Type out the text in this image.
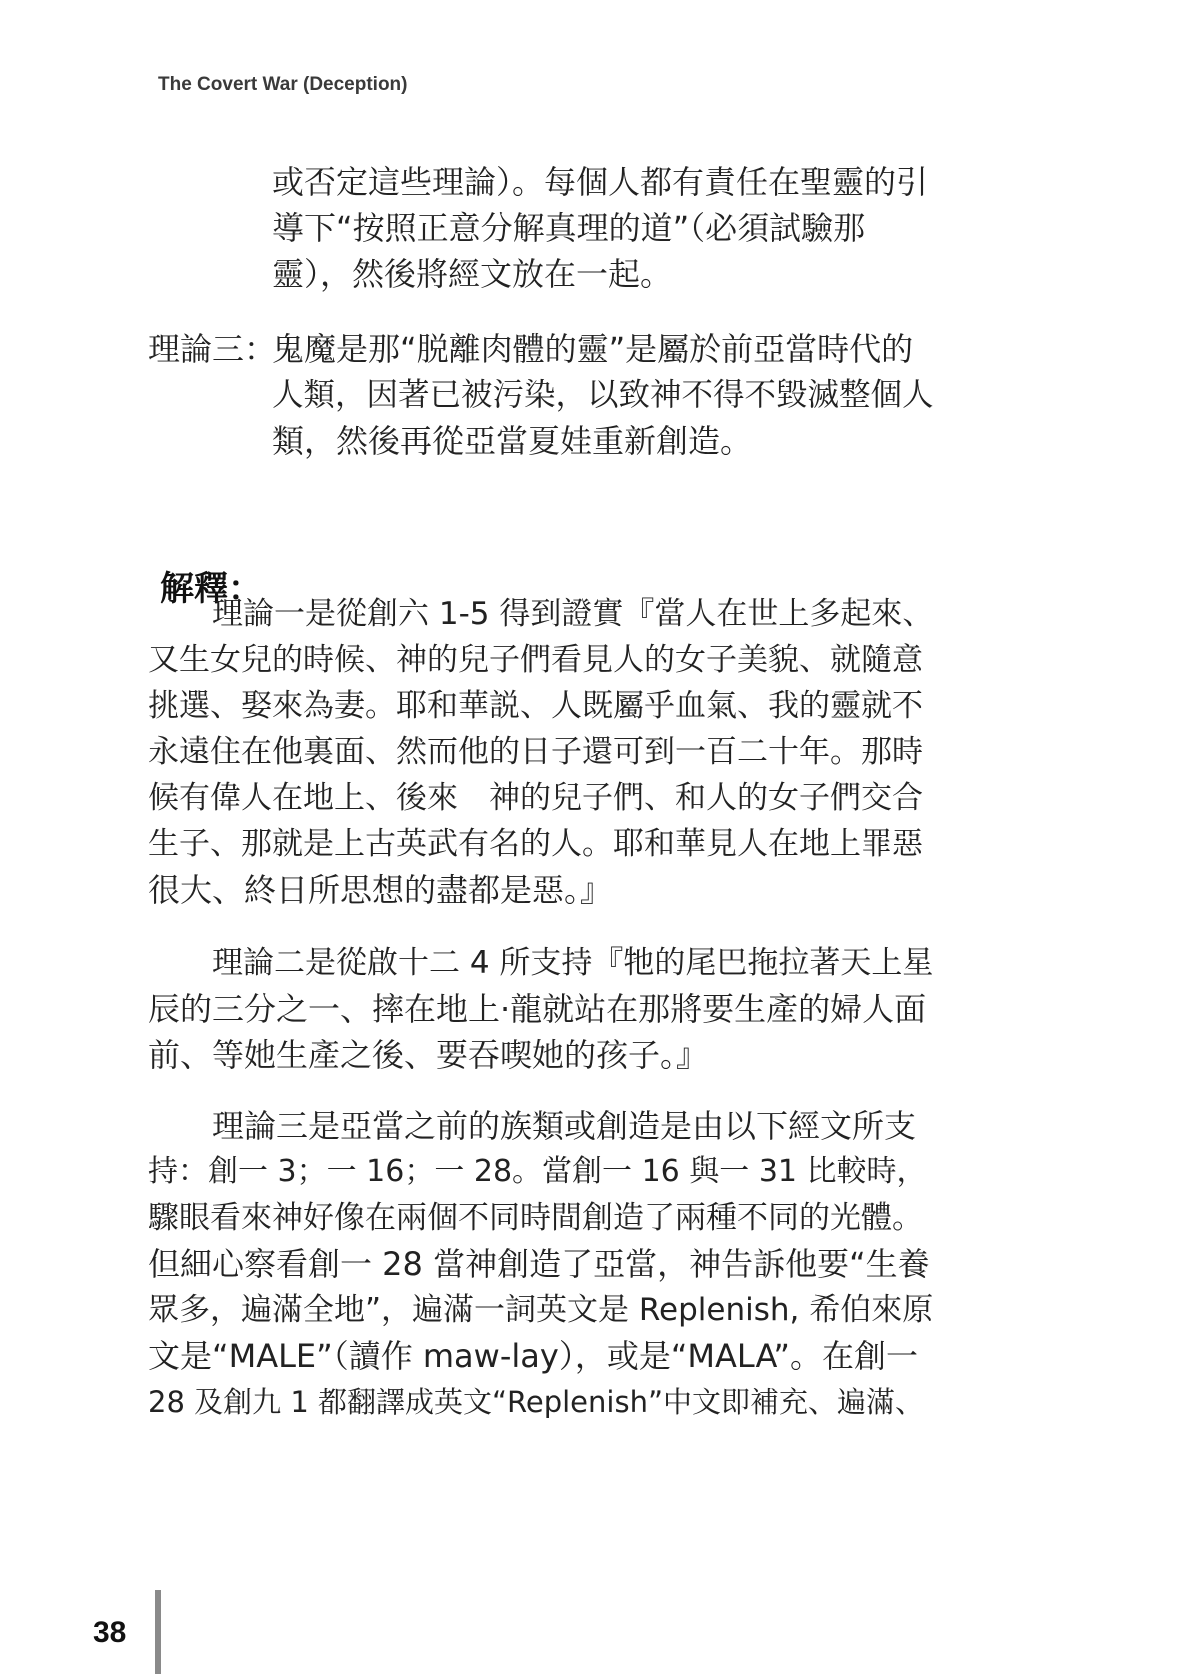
The Covert War (Deception)
或否定這些理論）。每個人都有責任在聖靈的引
導下“按照正意分解真理的道”（必須試驗那
靈），然後將經文放在一起。
理論三：
鬼魔是那“脱離肉體的靈”是屬於前亞當時代的
人類，因著已被污染，以致神不得不毀滅整個人
類，然後再從亞當夏娃重新創造。
解釋：
理論一是從創六 1-5 得到證實『當人在世上多起來、
又生女兒的時候、神的兒子們看見人的女子美貌、就隨意
挑選、娶來為妻。耶和華説、人既屬乎血氣、我的靈就不
永遠住在他裏面、然而他的日子還可到一百二十年。那時
候有偉人在地上、後來　神的兒子們、和人的女子們交合
生子、那就是上古英武有名的人。耶和華見人在地上罪惡
很大、終日所思想的盡都是惡。』
理論二是從啟十二 4 所支持『牠的尾巴拖拉著天上星
辰的三分之一、摔在地上·龍就站在那將要生產的婦人面
前、等她生產之後、要吞喫她的孩子。』
理論三是亞當之前的族類或創造是由以下經文所支
持：創一 3；一 16；一 28。當創一 16 與一 31 比較時，
驟眼看來神好像在兩個不同時間創造了兩種不同的光體。
但細心察看創一 28 當神創造了亞當，神告訴他要“生養
眾多，遍滿全地”，遍滿一詞英文是 Replenish, 希伯來原
文是“MALE”（讀作 maw-lay），或是“MALA”。在創一
28 及創九 1 都翻譯成英文“Replenish”中文即補充、遍滿、
38
